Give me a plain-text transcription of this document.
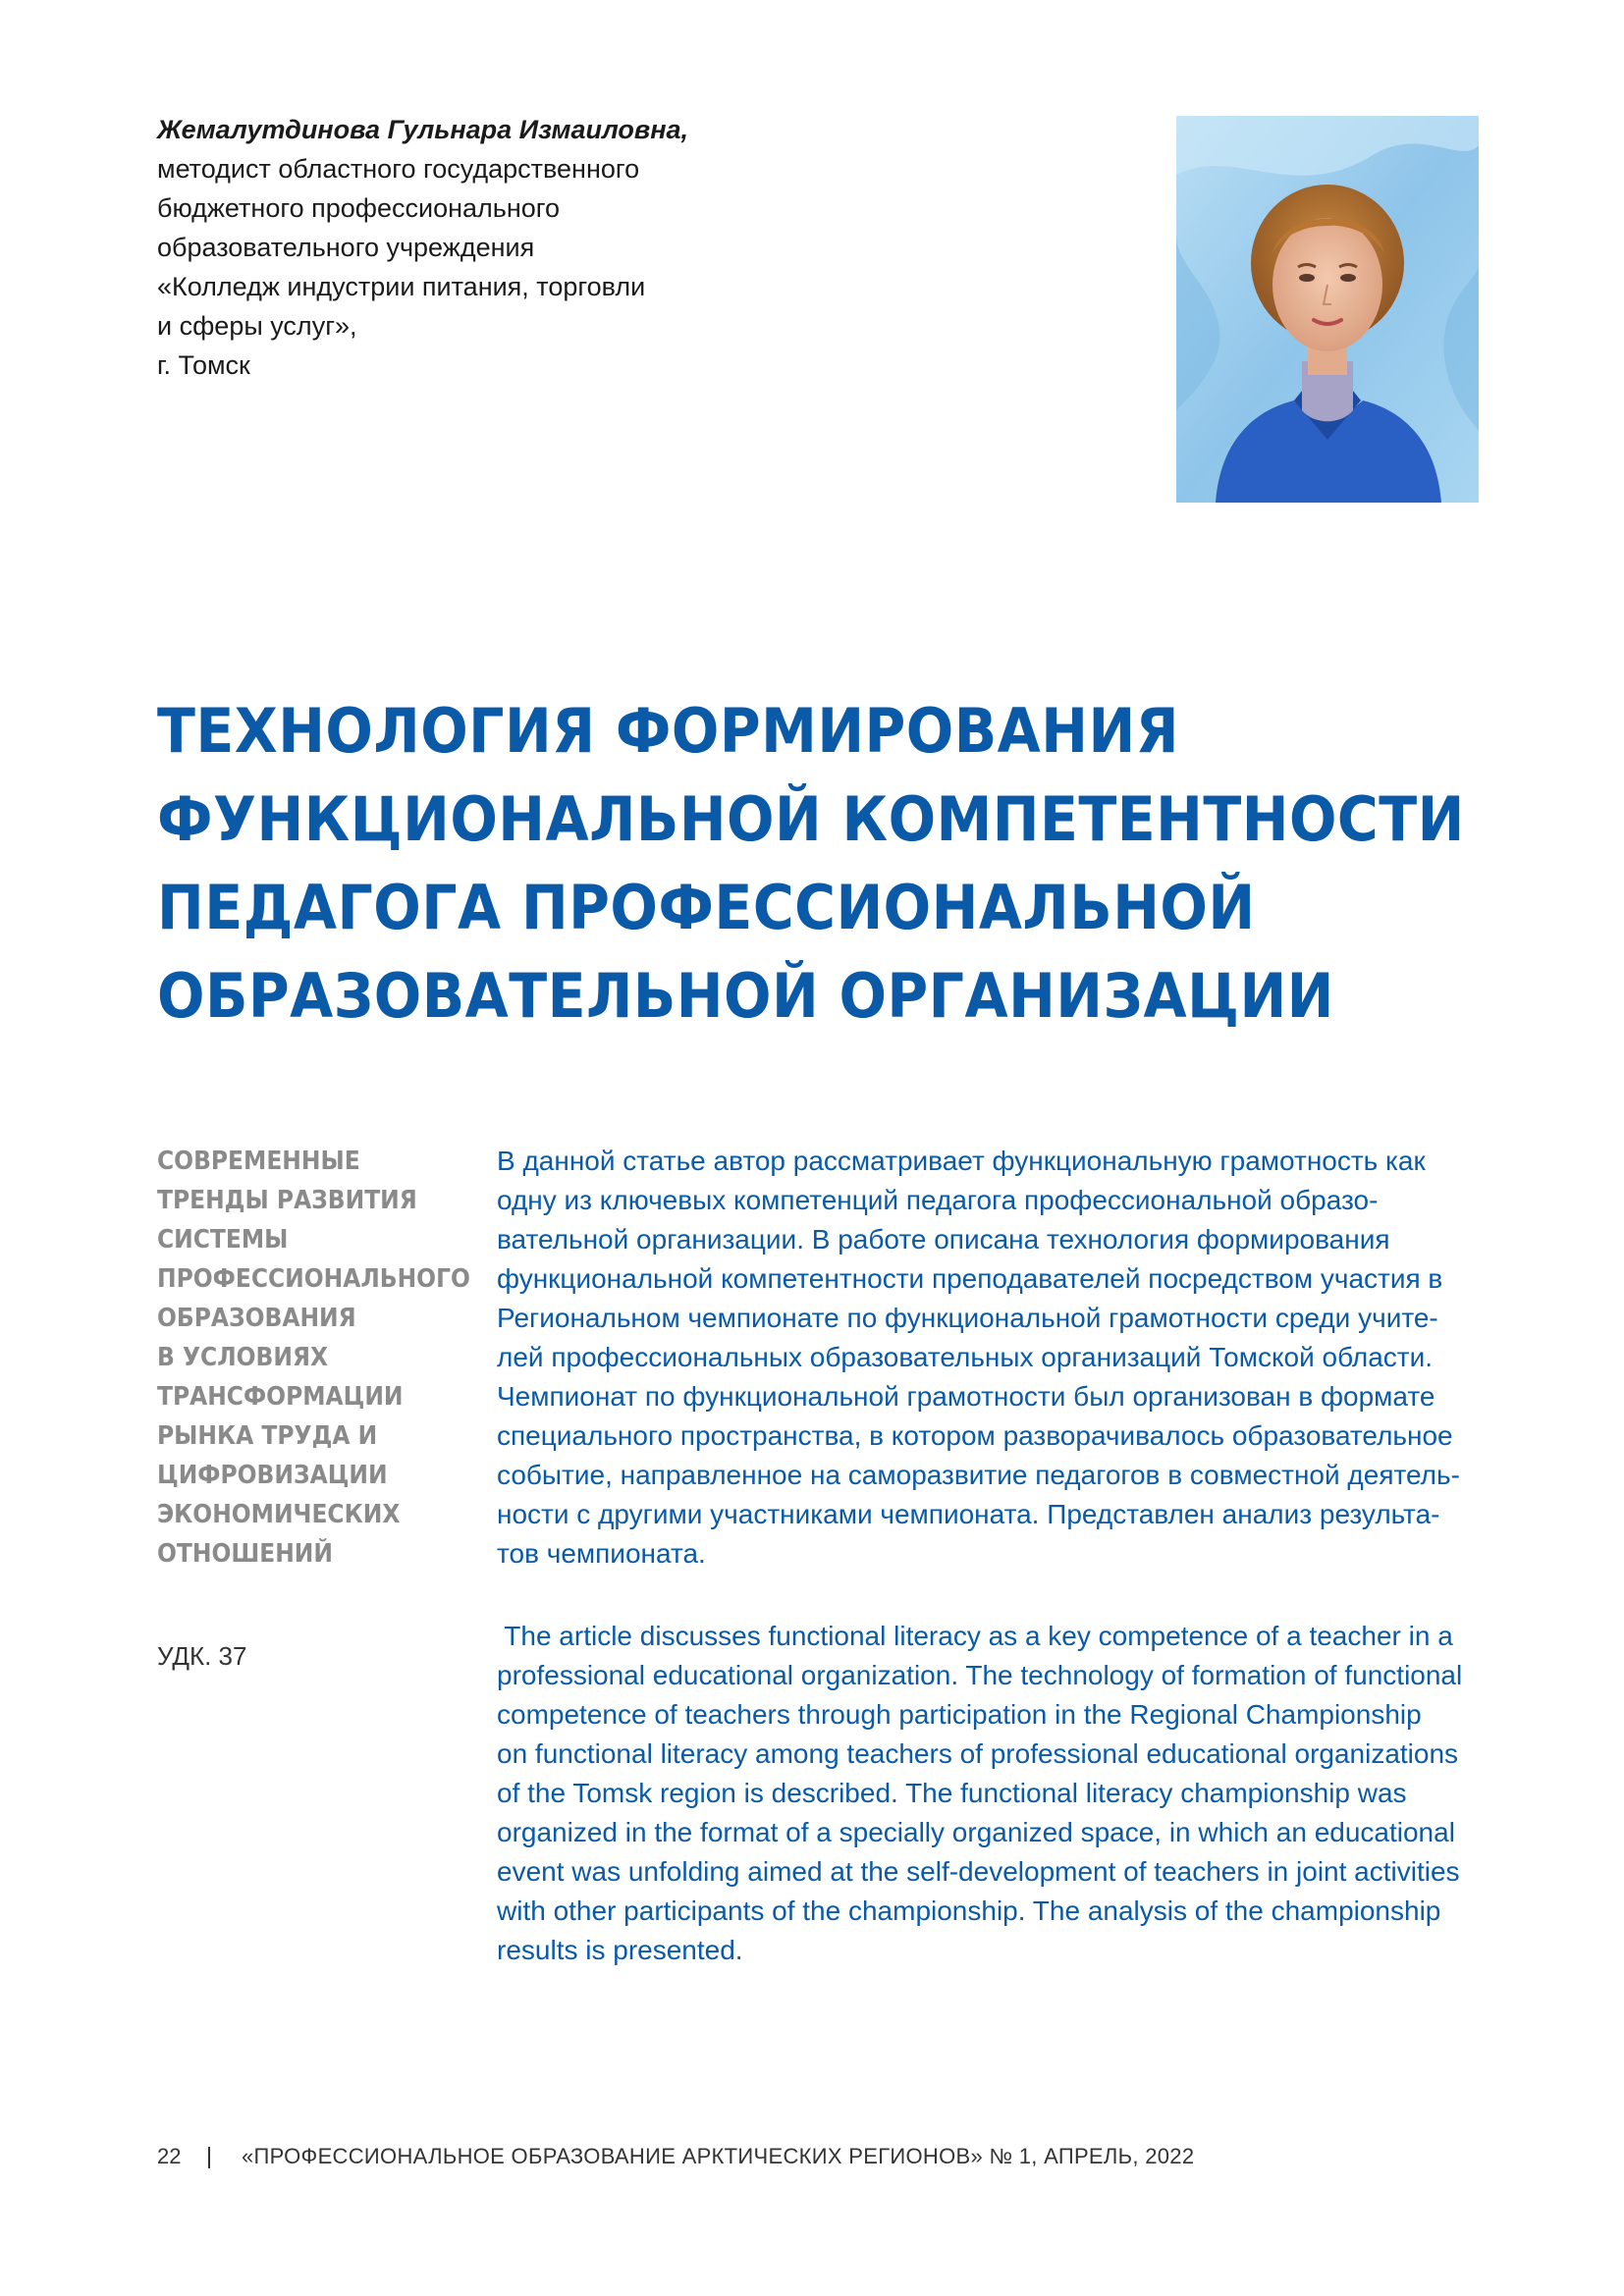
Жемалутдинова Гульнара Измаиловна,
методист областного государственного
бюджетного профессионального
образовательного учреждения
«Колледж индустрии питания, торговли
и сферы услуг»,
г. Томск
ТЕХНОЛОГИЯ ФОРМИРОВАНИЯ
ФУНКЦИОНАЛЬНОЙ КОМПЕТЕНТНОСТИ
ПЕДАГОГА ПРОФЕССИОНАЛЬНОЙ
ОБРАЗОВАТЕЛЬНОЙ ОРГАНИЗАЦИИ
СОВРЕМЕННЫЕ
ТРЕНДЫ РАЗВИТИЯ
СИСТЕМЫ
ПРОФЕССИОНАЛЬНОГО
ОБРАЗОВАНИЯ
В УСЛОВИЯХ
ТРАНСФОРМАЦИИ
РЫНКА ТРУДА И
ЦИФРОВИЗАЦИИ
ЭКОНОМИЧЕСКИХ
ОТНОШЕНИЙ
УДК. 37
В данной статье автор рассматривает функциональную грамотность как
одну из ключевых компетенций педагога профессиональной образо-
вательной организации. В работе описана технология формирования
функциональной компетентности преподавателей посредством участия в
Региональном чемпионате по функциональной грамотности среди учите-
лей профессиональных образовательных организаций Томской области.
Чемпионат по функциональной грамотности был организован в формате
специального пространства, в котором разворачивалось образовательное
событие, направленное на саморазвитие педагогов в совместной деятель-
ности с другими участниками чемпионата. Представлен анализ результа-
тов чемпионата.
The article discusses functional literacy as a key competence of a teacher in a
professional educational organization. The technology of formation of functional
competence of teachers through participation in the Regional Championship
on functional literacy among teachers of professional educational organizations
of the Tomsk region is described. The functional literacy championship was
organized in the format of a specially organized space, in which an educational
event was unfolding aimed at the self-development of teachers in joint activities
with other participants of the championship. The analysis of the championship
results is presented.
22	«ПРОФЕССИОНАЛЬНОЕ ОБРАЗОВАНИЕ АРКТИЧЕСКИХ РЕГИОНОВ» № 1, АПРЕЛЬ, 2022
